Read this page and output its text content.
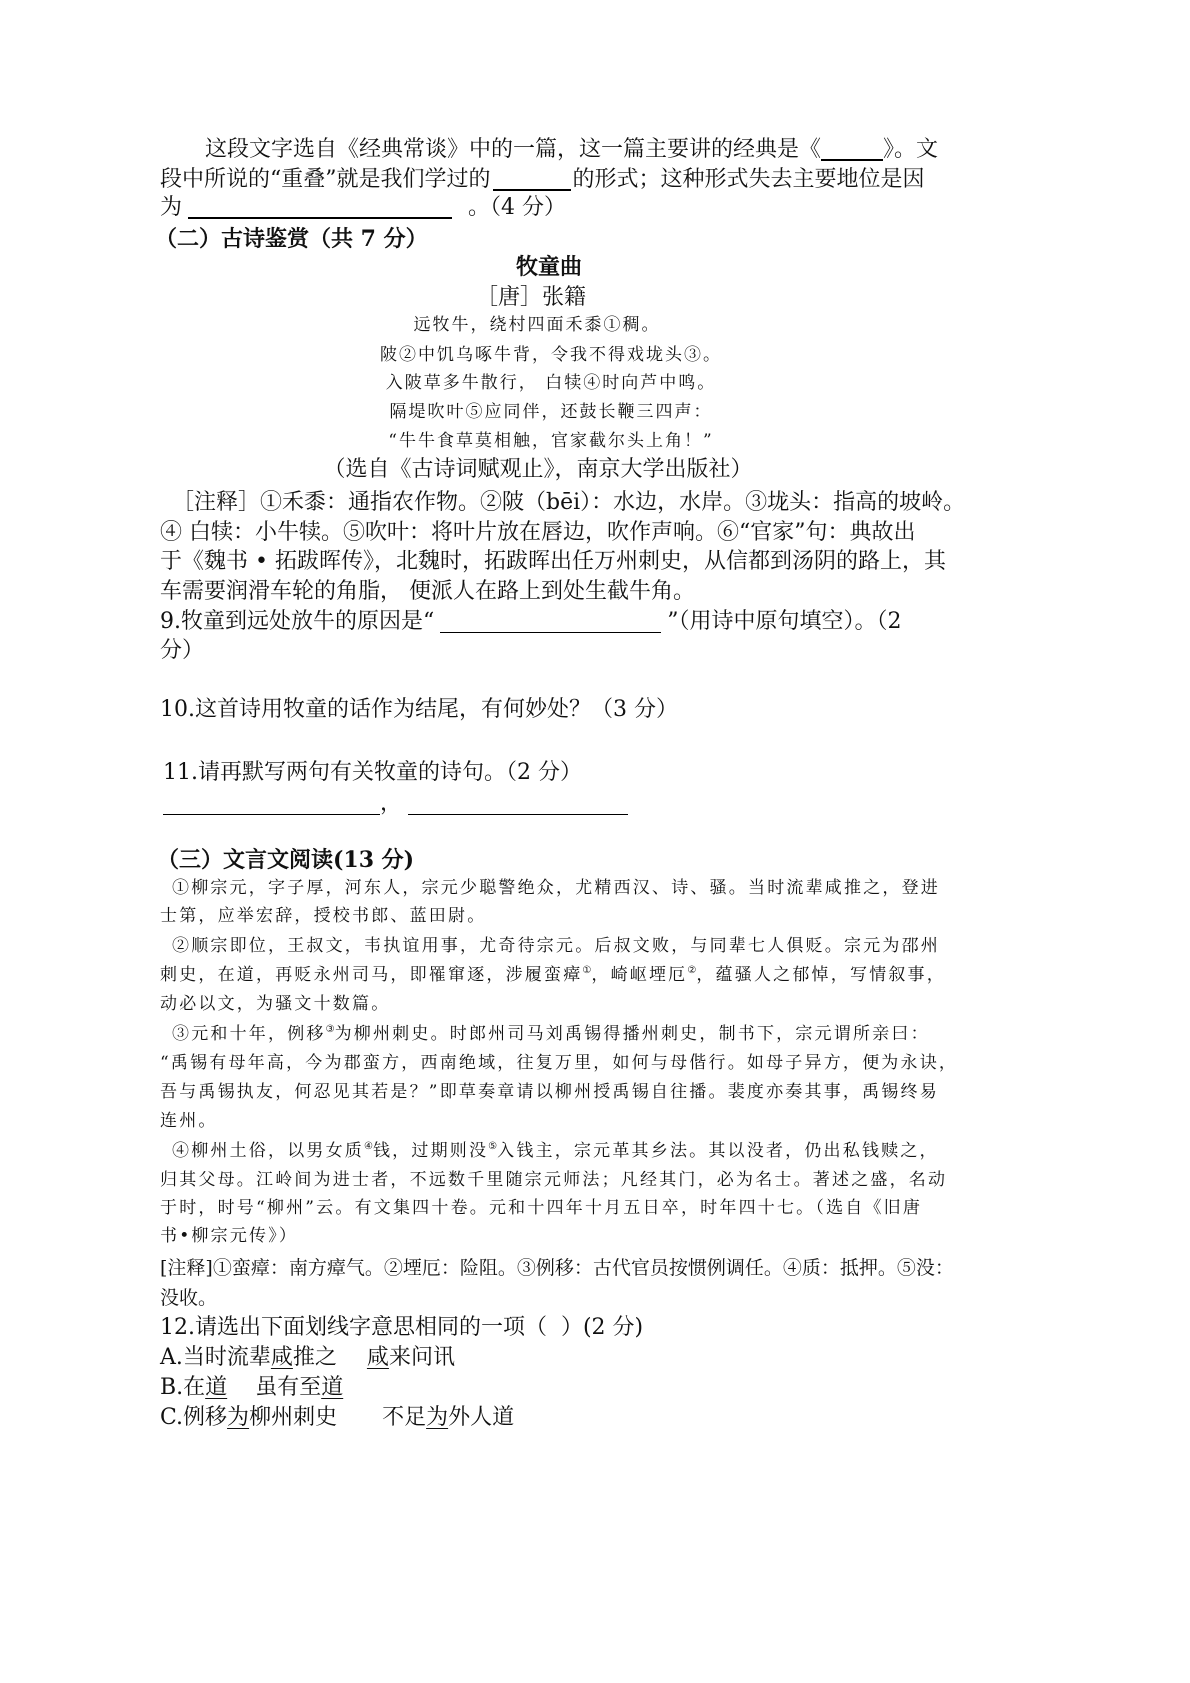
这段文字选自《经典常谈》中的一篇，这一篇主要讲的经典是《	》。文
段中所说的“重叠”就是我们学过的	的形式；这种形式失去主要地位是因
为	。（4 分）
（二）古诗鉴赏（共 7 分）
牧童曲
［唐］张籍
远牧牛，绕村四面禾黍①稠。
陂②中饥乌啄牛背，令我不得戏垅头③。
入陂草多牛散行， 白犊④时向芦中鸣。
隔堤吹叶⑤应同伴，还鼓长鞭三四声：
“牛牛食草莫相触，官家截尔头上角！”
（选自《古诗词赋观止》，南京大学出版社）
［注释］①禾黍：通指农作物。②陂（bēi）：水边，水岸。③垅头：指高的坡岭。
④ 白犊：小牛犊。⑤吹叶：将叶片放在唇边，吹作声响。⑥“官家”句：典故出
于《魏书 • 拓跋晖传》，北魏时，拓跋晖出任万州刺史，从信都到汤阴的路上，其
车需要润滑车轮的角脂， 便派人在路上到处生截牛角。
9.牧童到远处放牛的原因是“	”（用诗中原句填空）。（2
分）
10.这首诗用牧童的话作为结尾，有何妙处？（3 分）
11.请再默写两句有关牧童的诗句。（2 分）
，
（三）文言文阅读(13 分)
①柳宗元，字子厚，河东人，宗元少聪警绝众，尤精西汉、诗、骚。当时流辈咸推之，登进
士第，应举宏辞，授校书郎、蓝田尉。
②顺宗即位，王叔文，韦执谊用事，尤奇待宗元。后叔文败，与同辈七人俱贬。宗元为邵州
刺史，在道，再贬永州司马，即罹窜逐，涉履蛮瘴①，崎岖堙厄②，蕴骚人之郁悼，写情叙事，
动必以文，为骚文十数篇。
③元和十年，例移③为柳州刺史。时郎州司马刘禹锡得播州刺史，制书下，宗元谓所亲曰：
“禹锡有母年高，今为郡蛮方，西南绝域，往复万里，如何与母偕行。如母子异方，便为永诀，
吾与禹锡执友，何忍见其若是？”即草奏章请以柳州授禹锡自往播。裴度亦奏其事，禹锡终易
连州。
④柳州土俗，以男女质④钱，过期则没⑤入钱主，宗元革其乡法。其以没者，仍出私钱赎之，
归其父母。江岭间为进士者，不远数千里随宗元师法；凡经其门，必为名士。著述之盛，名动
于时，时号“柳州”云。有文集四十卷。元和十四年十月五日卒，时年四十七。（选自《旧唐
书•柳宗元传》）
[注释]①蛮瘴：南方瘴气。②堙厄：险阻。③例移：古代官员按惯例调任。④质：抵押。⑤没：
没收。
12.请选出下面划线字意思相同的一项（  ）(2 分)
A.当时流辈咸推之 咸来问讯
B.在道 虽有至道
C.例移为柳州刺史 不足为外人道
